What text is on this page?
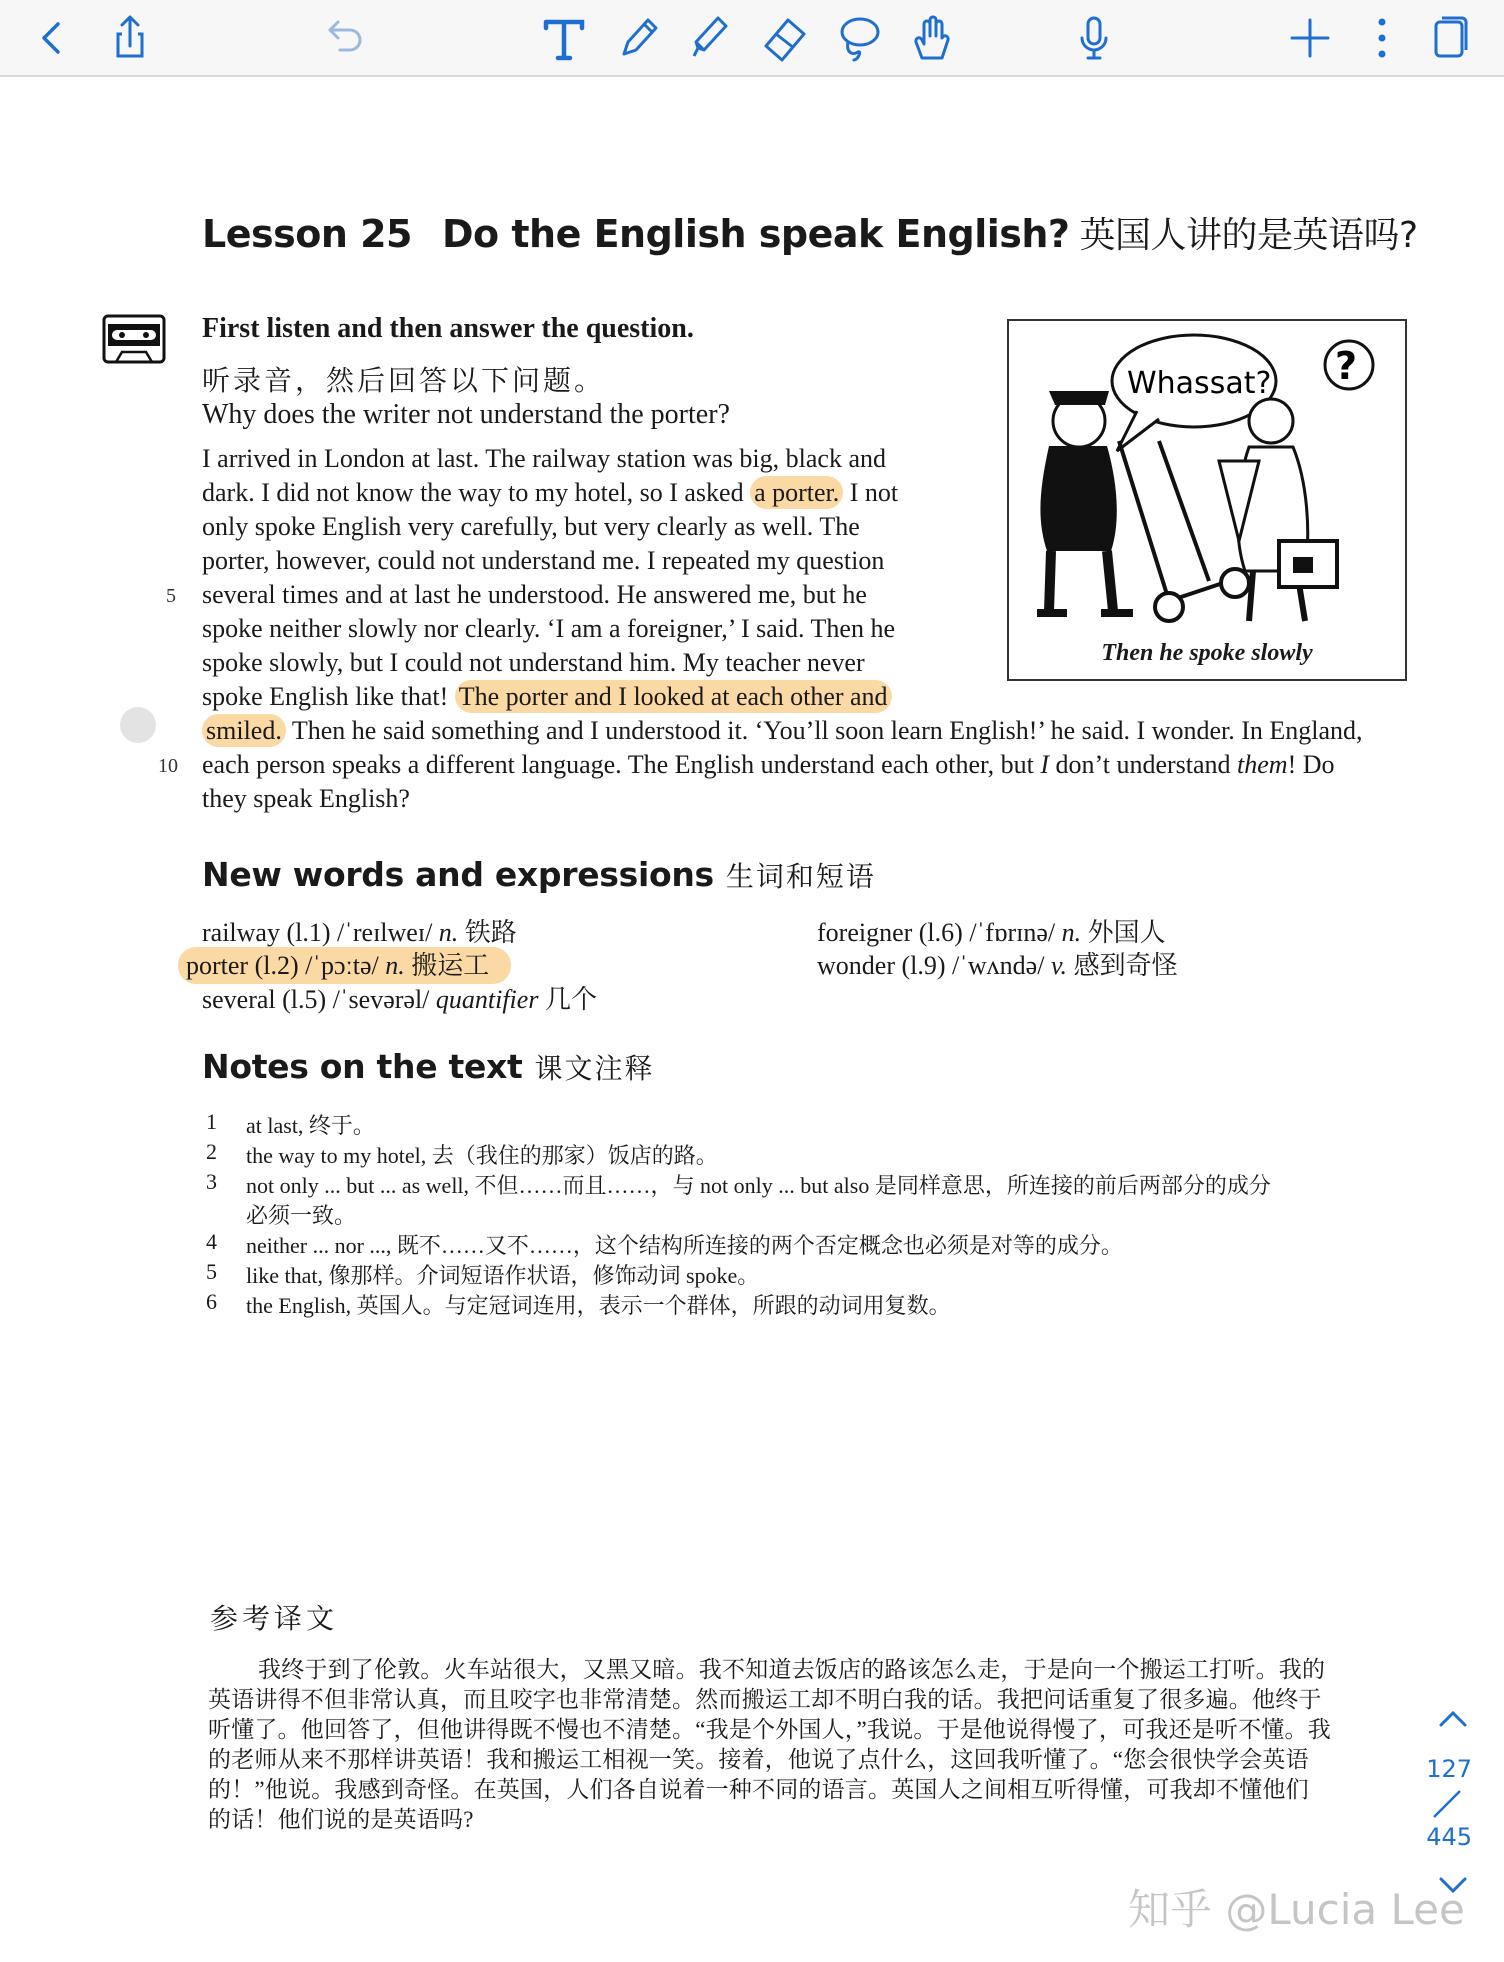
Lesson 25 Do the English speak English? 英国人讲的是英语吗?
First listen and then answer the question.
听录音，然后回答以下问题。
Why does the writer not understand the porter?
I arrived in London at last. The railway station was big, black and
dark. I did not know the way to my hotel, so I asked a porter. I not
only spoke English very carefully, but very clearly as well. The
porter, however, could not understand me. I repeated my question
several times and at last he understood. He answered me, but he
spoke neither slowly nor clearly. ‘I am a foreigner,’ I said. Then he
spoke slowly, but I could not understand him. My teacher never
spoke English like that! The porter and I looked at each other and
smiled. Then he said something and I understood it. ‘You’ll soon learn English!’ he said. I wonder. In England,
each person speaks a different language. The English understand each other, but I don’t understand them! Do
they speak English?
5
10
Whassat? ?
Then he spoke slowly
New words and expressions 生词和短语
railway (l.1) /ˈreɪlweɪ/ n. 铁路
porter (l.2) /ˈpɔːtə/ n. 搬运工
several (l.5) /ˈsevərəl/ quantifier 几个
foreigner (l.6) /ˈfɒrɪnə/ n. 外国人
wonder (l.9) /ˈwʌndə/ v. 感到奇怪
Notes on the text 课文注释
1 at last, 终于。
2 the way to my hotel, 去（我住的那家）饭店的路。
3 not only ... but ... as well, 不但……而且……，与 not only ... but also 是同样意思，所连接的前后两部分的成分
必须一致。
4 neither ... nor ..., 既不……又不……，这个结构所连接的两个否定概念也必须是对等的成分。
5 like that, 像那样。介词短语作状语，修饰动词 spoke。
6 the English, 英国人。与定冠词连用，表示一个群体，所跟的动词用复数。
参考译文
我终于到了伦敦。火车站很大，又黑又暗。我不知道去饭店的路该怎么走，于是向一个搬运工打听。我的
英语讲得不但非常认真，而且咬字也非常清楚。然而搬运工却不明白我的话。我把问话重复了很多遍。他终于
听懂了。他回答了，但他讲得既不慢也不清楚。“我是个外国人，”我说。于是他说得慢了，可我还是听不懂。我
的老师从来不那样讲英语！我和搬运工相视一笑。接着，他说了点什么，这回我听懂了。“您会很快学会英语
的！”他说。我感到奇怪。在英国，人们各自说着一种不同的语言。英国人之间相互听得懂，可我却不懂他们
的话！他们说的是英语吗?
127
445
知乎 @Lucia Lee
